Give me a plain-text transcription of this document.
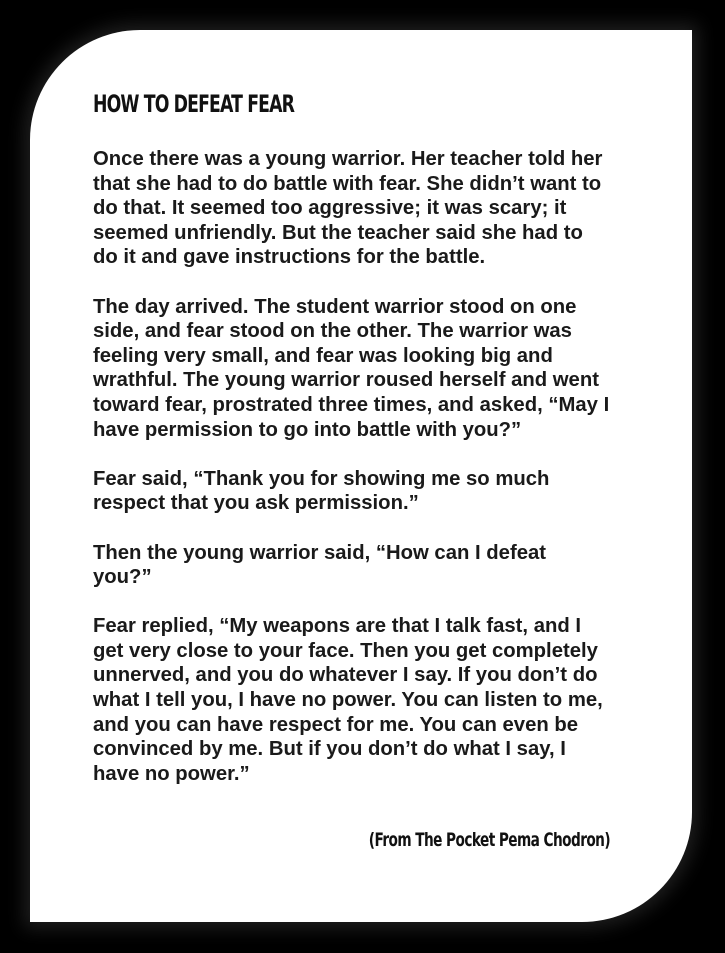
HOW TO DEFEAT FEAR

Once there was a young warrior. Her teacher told her
that she had to do battle with fear. She didn’t want to
do that. It seemed too aggressive; it was scary; it
seemed unfriendly. But the teacher said she had to
do it and gave instructions for the battle.

The day arrived. The student warrior stood on one
side, and fear stood on the other. The warrior was
feeling very small, and fear was looking big and
wrathful. The young warrior roused herself and went
toward fear, prostrated three times, and asked, “May I
have permission to go into battle with you?”

Fear said, “Thank you for showing me so much
respect that you ask permission.”

Then the young warrior said, “How can I defeat
you?”

Fear replied, “My weapons are that I talk fast, and I
get very close to your face. Then you get completely
unnerved, and you do whatever I say. If you don’t do
what I tell you, I have no power. You can listen to me,
and you can have respect for me. You can even be
convinced by me. But if you don’t do what I say, I
have no power.”

(From The Pocket Pema Chodron)
